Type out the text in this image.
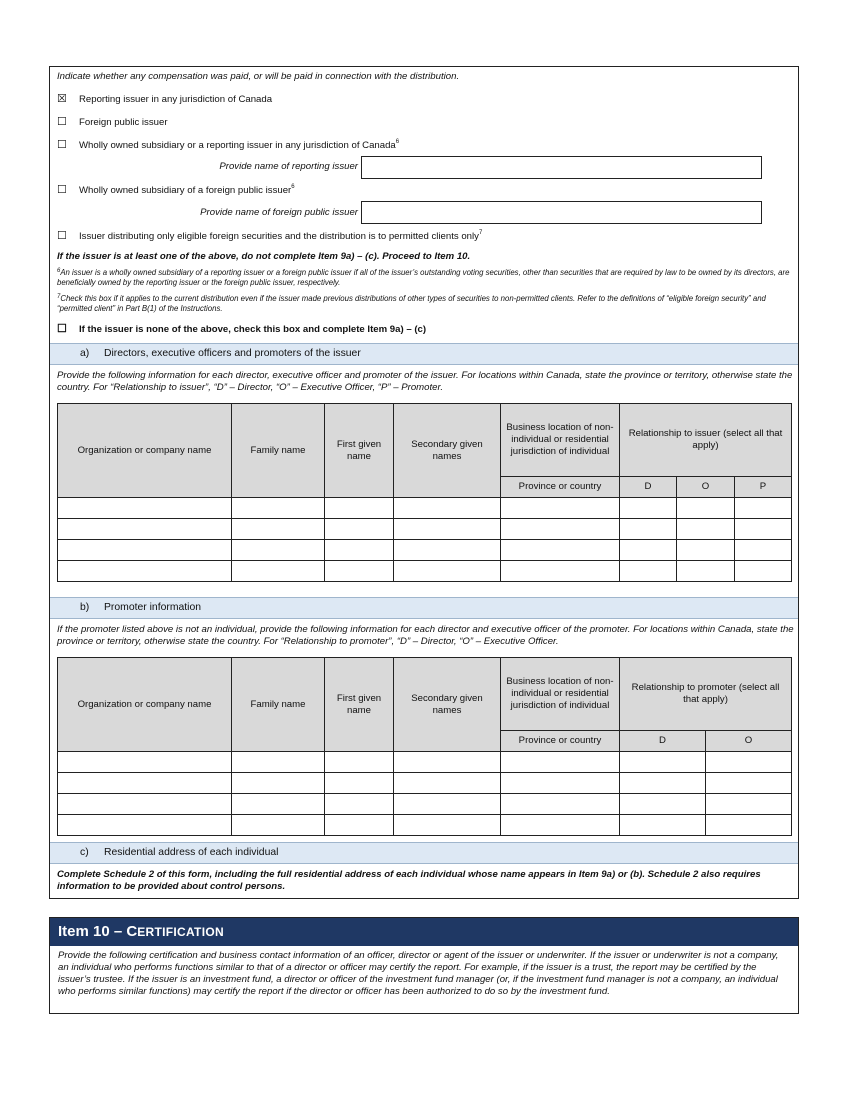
Indicate whether any compensation was paid, or will be paid in connection with the distribution.
☒ Reporting issuer in any jurisdiction of Canada
☐ Foreign public issuer
☐ Wholly owned subsidiary or a reporting issuer in any jurisdiction of Canada$^6$
Provide name of reporting issuer
☐ Wholly owned subsidiary of a foreign public issuer$^6$
Provide name of foreign public issuer
☐ Issuer distributing only eligible foreign securities and the distribution is to permitted clients only$^7$
If the issuer is at least one of the above, do not complete Item 9a) – (c). Proceed to Item 10.
$^6$An issuer is a wholly owned subsidiary of a reporting issuer or a foreign public issuer if all of the issuer’s outstanding voting securities, other than securities that are required by law to be owned by its directors, are beneficially owned by the reporting issuer or the foreign public issuer, respectively.
$^7$Check this box if it applies to the current distribution even if the issuer made previous distributions of other types of securities to non-permitted clients. Refer to the definitions of “eligible foreign security” and “permitted client” in Part B(1) of the Instructions.
☐ If the issuer is none of the above, check this box and complete Item 9a) – (c)
a) Directors, executive officers and promoters of the issuer
Provide the following information for each director, executive officer and promoter of the issuer. For locations within Canada, state the province or territory, otherwise state the country. For “Relationship to issuer”, “D” – Director, “O” – Executive Officer, “P” – Promoter.
Organization or company name	Family name	First given name	Secondary given names	Business location of non-individual or residential jurisdiction of individual	Relationship to issuer (select all that apply)		
				Province or country	D	O	P

b) Promoter information
If the promoter listed above is not an individual, provide the following information for each director and executive officer of the promoter. For locations within Canada, state the province or territory, otherwise state the country. For “Relationship to promoter”, “D” – Director, “O” – Executive Officer.
Organization or company name	Family name	First given name	Secondary given names	Business location of non-individual or residential jurisdiction of individual	Relationship to promoter (select all that apply)	
				Province or country	D	O

c) Residential address of each individual
Complete Schedule 2 of this form, including the full residential address of each individual whose name appears in Item 9a) or (b). Schedule 2 also requires information to be provided about control persons.
Item 10 – CERTIFICATION
Provide the following certification and business contact information of an officer, director or agent of the issuer or underwriter. If the issuer or underwriter is not a company, an individual who performs functions similar to that of a director or officer may certify the report. For example, if the issuer is a trust, the report may be certified by the issuer’s trustee. If the issuer is an investment fund, a director or officer of the investment fund manager (or, if the investment fund manager is not a company, an individual who performs similar functions) may certify the report if the director or officer has been authorized to do so by the investment fund.
